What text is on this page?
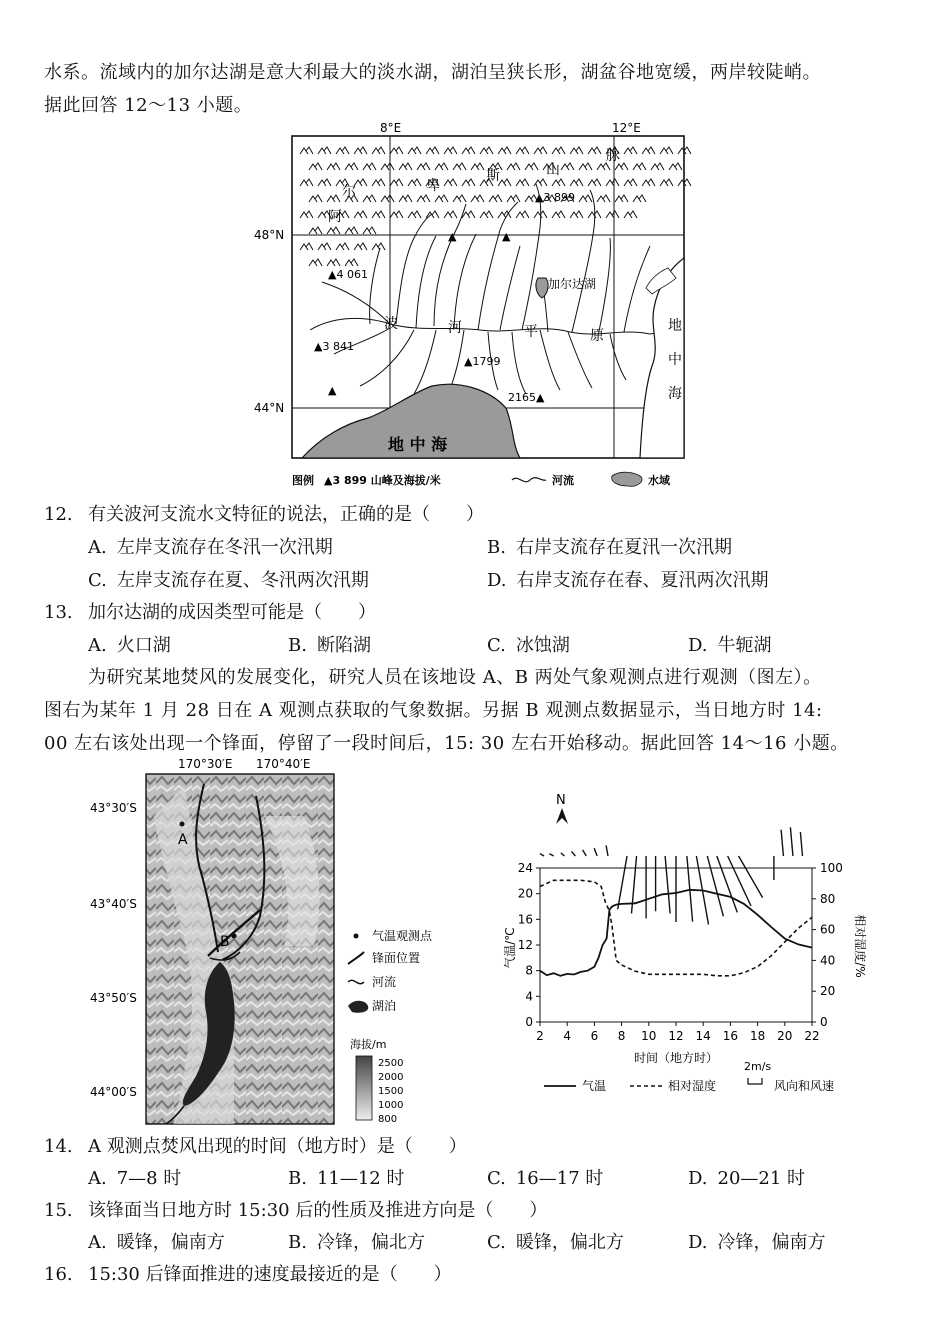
水系。流域内的加尔达湖是意大利最大的淡水湖，湖泊呈狭长形，湖盆谷地宽缓，两岸较陡峭。
据此回答 12～13 小题。
8°E	12°E
48°N
44°N
阿
尔	卑
斯	山
脉
▲3 899
▲4 061
▲3 841
▲1799
2165▲
▲
▲
▲
加尔达湖
波	河	平	原
地
中
海
地 中 海
图例 ▲3 899 山峰及海拔/米	河流	水域
12. 有关波河支流水文特征的说法，正确的是（　　）
A. 左岸支流存在冬汛一次汛期	B. 右岸支流存在夏汛一次汛期
C. 左岸支流存在夏、冬汛两次汛期	D. 右岸支流存在春、夏汛两次汛期
13. 加尔达湖的成因类型可能是（　　）
A. 火口湖	B. 断陷湖	C. 冰蚀湖	D. 牛轭湖
为研究某地焚风的发展变化，研究人员在该地设 A、B 两处气象观测点进行观测（图左）。
图右为某年 1 月 28 日在 A 观测点获取的气象数据。另据 B 观测点数据显示，当日地方时 14:
00 左右该处出现一个锋面，停留了一段时间后，15: 30 左右开始移动。据此回答 14～16 小题。
170°30′E 170°40′E
43°30′S
43°40′S
43°50′S
44°00′S
A
B	气温观测点
锋面位置
河流
湖泊
海拔/m
2500
2000
1500
1000
800
N
2 4 6 8 10 12 14 16 18 20 22
0
4
8
12
16
20
24
0
20
40
60
80
100
气温/℃	相对湿度/%
时间（地方时）
2m/s
气温	相对湿度	风向和风速
14. A 观测点焚风出现的时间（地方时）是（　　）
A. 7—8 时	B. 11—12 时	C. 16—17 时	D. 20—21 时
15. 该锋面当日地方时 15:30 后的性质及推进方向是（　　）
A. 暖锋，偏南方	B. 冷锋，偏北方	C. 暖锋，偏北方	D. 冷锋，偏南方
16. 15:30 后锋面推进的速度最接近的是（　　）
